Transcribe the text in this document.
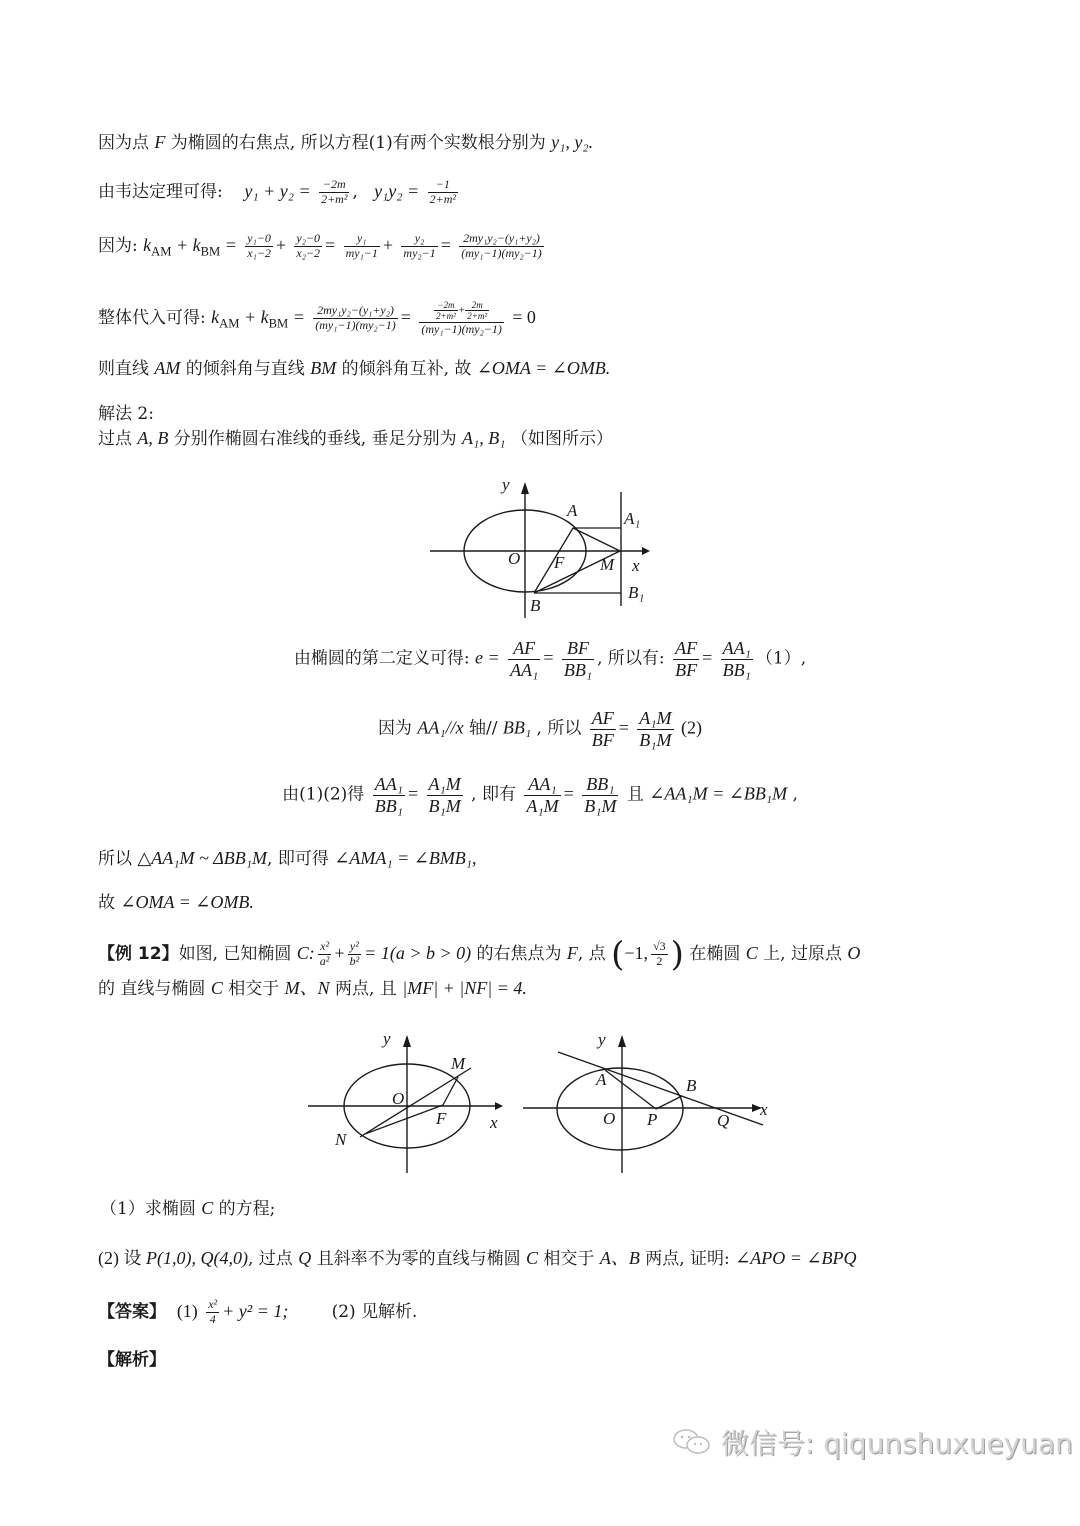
因为点 F 为椭圆的右焦点, 所以方程(1)有两个实数根分别为 y₁, y₂.
由韦达定理可得: $y_1 + y_2 = \frac{-2m}{\text{2+m²}}$ ,   $y_1y_2 = \frac{-1}{\text{2+m²}}$
因为: $k_{AM} + k_{BM} = \frac{\text{y₁−0}}{\text{x₁−2}} + \frac{\text{y₂−0}}{\text{x₂−2}} = \frac{\text{y₁}}{\text{my₁−1}} + \frac{\text{y₂}}{\text{my₂−1}} = \frac{\text{2my₁y₂−(y₁+y₂)}}{\text{(my₁−1)(my₂−1)}}$
整体代入可得: $k_{AM} + k_{BM} = \frac{\text{2my₁y₂−(y₁+y₂)}}{\text{(my₁−1)(my₂−1)}} = \frac{\frac{-2m}{\text{2+m²}} + \frac{2m}{\text{2+m²}}}{\text{(my₁−1)(my₂−1)}} = 0$
则直线 AM 的倾斜角与直线 BM 的倾斜角互补, 故 ∠OMA = ∠OMB.
解法 2:
过点 A, B 分别作椭圆右准线的垂线, 垂足分别为 A₁, B₁ （如图所示）
y
x
O
A	A₁
F M
B
B₁
由椭圆的第二定义可得: $e = \frac{AF}{\text{AA₁}} = \frac{BF}{\text{BB₁}}$ , 所以有: $\frac{AF}{BF} = \frac{\text{AA₁}}{\text{BB₁}} (1)$,
因为 AA₁//x 轴// BB₁ , 所以 $\frac{AF}{BF} = \frac{\text{A₁M}}{\text{B₁M}} (2)$
由(1)(2)得 $\frac{\text{AA₁}}{\text{BB₁}} = \frac{\text{A₁M}}{\text{B₁M}}$ , 即有 $\frac{\text{AA₁}}{\text{A₁M}} = \frac{\text{BB₁}}{\text{B₁M}}$ 且 ∠AA₁M = ∠BB₁M ,
所以 △AA₁M ~ ΔBB₁M, 即可得 ∠AMA₁ = ∠BMB₁,
故 ∠OMA = ∠OMB.
【例 12】如图, 已知椭圆 C: $\frac{\text{x²}}{\text{a²}} + \frac{\text{y²}}{\text{b²}} = 1(a > b > 0)$ 的右焦点为 F, 点 (−1, $\frac{√3}{2}$ ) 在椭圆 C 上, 过原点 O
的 直线与椭圆 C 相交于 M、N 两点, 且 |MF| + |NF| = 4.
y
x
O
M
N
F
y
x
O
A	B
P	Q
（1）求椭圆 C 的方程;
(2) 设 P(1,0), Q(4,0), 过点 Q 且斜率不为零的直线与椭圆 C 相交于 A、B 两点, 证明: ∠APO = ∠BPQ
【答案】 $(1) \frac{\text{x²}}{4} + y^2 = 1$;	(2) 见解析.
【解析】
微信号: qiqunshuxueyuan
